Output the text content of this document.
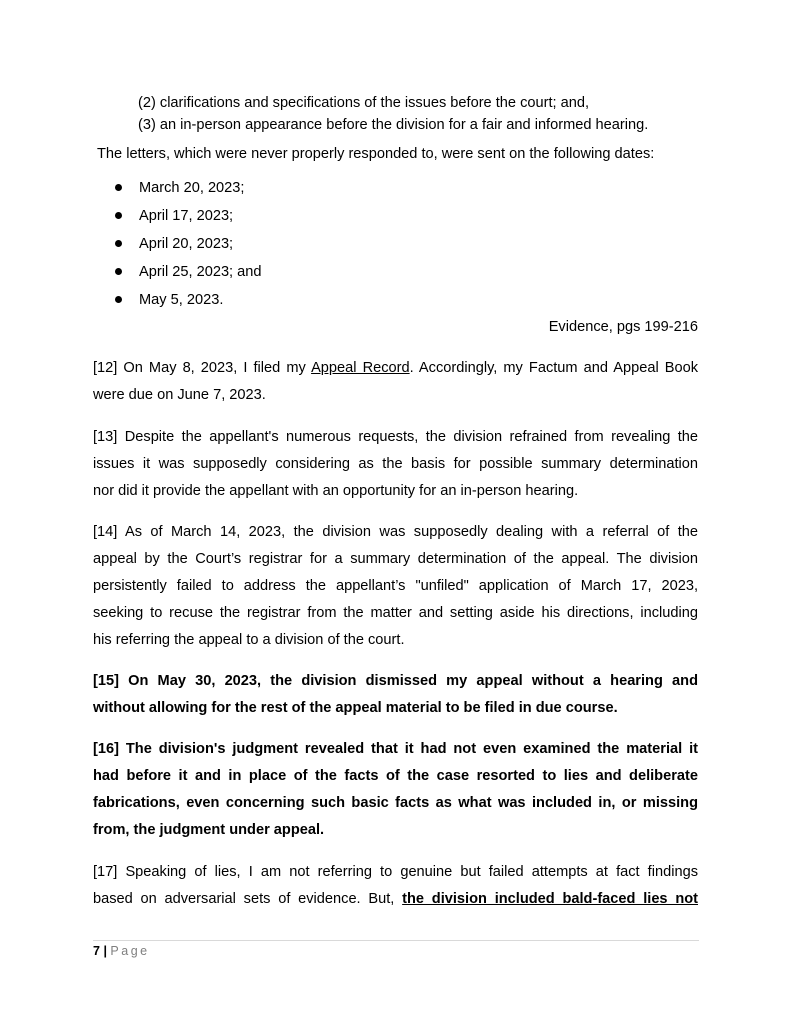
(2) clarifications and specifications of the issues before the court; and,
(3) an in-person appearance before the division for a fair and informed hearing.
The letters, which were never properly responded to, were sent on the following dates:
March 20, 2023;
April 17, 2023;
April 20, 2023;
April 25, 2023; and
May 5, 2023.
Evidence, pgs 199-216
[12] On May 8, 2023, I filed my Appeal Record. Accordingly, my Factum and Appeal Book
were due on June 7, 2023.
[13] Despite the appellant's numerous requests, the division refrained from revealing the
issues it was supposedly considering as the basis for possible summary determination
nor did it provide the appellant with an opportunity for an in-person hearing.
[14] As of March 14, 2023, the division was supposedly dealing with a referral of the
appeal by the Court’s registrar for a summary determination of the appeal. The division
persistently failed to address the appellant’s "unfiled" application of March 17, 2023,
seeking to recuse the registrar from the matter and setting aside his directions, including
his referring the appeal to a division of the court.
[15] On May 30, 2023, the division dismissed my appeal without a hearing and
without allowing for the rest of the appeal material to be filed in due course.
[16] The division's judgment revealed that it had not even examined the material it
had before it and in place of the facts of the case resorted to lies and deliberate
fabrications, even concerning such basic facts as what was included in, or missing
from, the judgment under appeal.
[17] Speaking of lies, I am not referring to genuine but failed attempts at fact findings
based on adversarial sets of evidence. But, the division included bald-faced lies not
7 | Page
